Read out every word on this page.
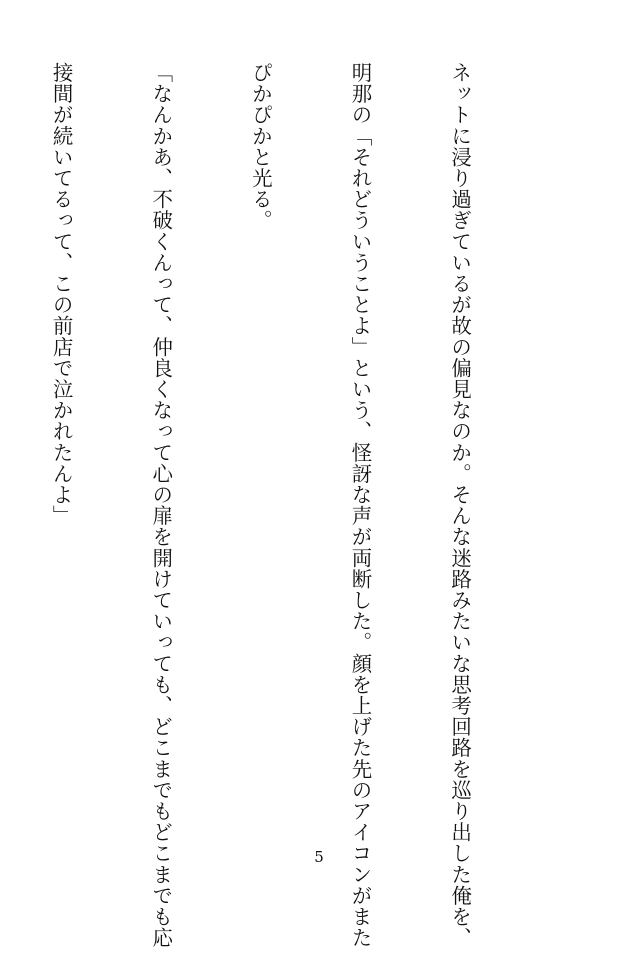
ネットに浸り過ぎているが故の偏見なのか。そんな迷路みたいな思考回路を巡り出した俺を、

明那の「それどういうことよ」という、怪訝な声が両断した。顔を上げた先のアイコンがまた

ぴかぴかと光る。

「なんかあ、不破くんって、仲良くなって心の扉を開けていっても、どこまでもどこまでも応

接間が続いてるって、この前店で泣かれたんよ」

5
